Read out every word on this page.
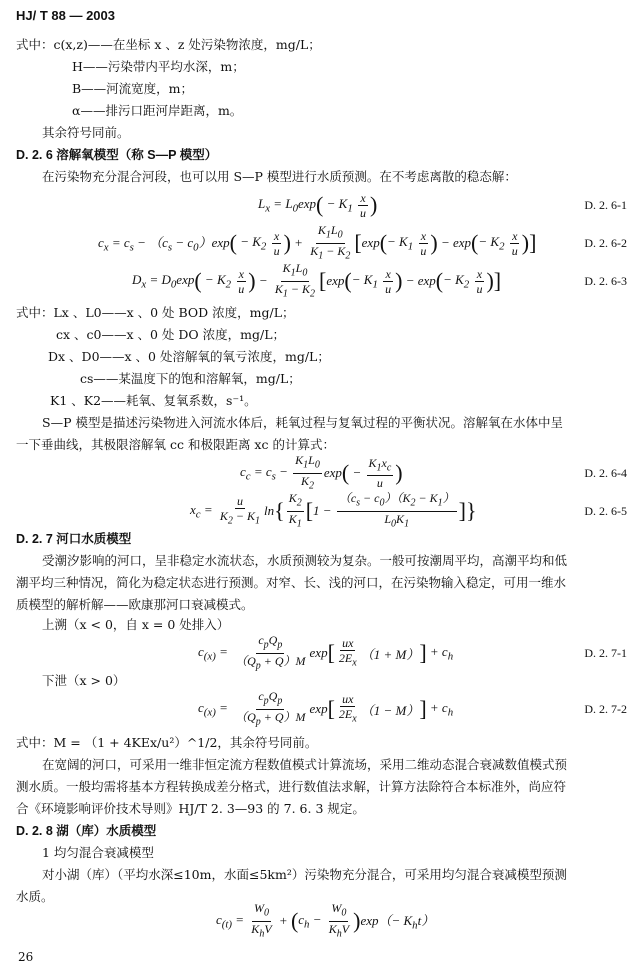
HJ/ T 88 — 2003
式中：c(x,z)——在坐标 x 、z 处污染物浓度，mg/L；
H——污染带内平均水深，m；
B——河流宽度，m；
α——排污口距河岸距离，m。
其余符号同前。
D. 2. 6 溶解氧模型（称 S—P 模型）
在污染物充分混合河段，也可以用 S—P 模型进行水质预测。在不考虑离散的稳态解：
$L_x = L_0\exp$ ( − $K_1 \frac{x}{u}$ )	D. 2. 6-1
$c_x = c_s - (c_s - c_0)\exp$ ( − $K_2 \frac{x}{u}$ ) + $\frac{K_1L_0}{K_1 - K_2}$ [ exp ( − $K_1 \frac{x}{u}$ ) − exp ( − $K_2 \frac{x}{u}$ )]	D. 2. 6-2
$D_x = D_0\exp$ ( − $K_2 \frac{x}{u}$ ) − $\frac{K_1L_0}{K_1 - K_2}$ [ exp ( − $K_1 \frac{x}{u}$ ) − exp ( − $K_2 \frac{x}{u}$ )]	D. 2. 6-3
式中：Lx 、L0——x 、0 处 BOD 浓度，mg/L；
cx 、c0——x 、0 处 DO 浓度，mg/L；
Dx 、D0——x 、0 处溶解氧的氧亏浓度，mg/L；
cs——某温度下的饱和溶解氧，mg/L；
K1 、K2——耗氧、复氧系数，s⁻¹。
S—P 模型是描述污染物进入河流水体后，耗氧过程与复氧过程的平衡状况。溶解氧在水体中呈
一下垂曲线，其极限溶解氧 cc 和极限距离 xc 的计算式：
$c_c = c_s - \frac{K_1L_0}{K_2}$ exp ( − $\frac{K_1x_c}{u}$ )	D. 2. 6-4
$x_c = \frac{u}{K_2 - K_1}$ ln { $\frac{K_2}{K_1}$ [ $1 - \frac{(c_s - c_0)(K_2 - K_1)}{L_0K_1}$ ]}	D. 2. 6-5
D. 2. 7 河口水质模型
受潮汐影响的河口，呈非稳定水流状态，水质预测较为复杂。一般可按潮周平均，高潮平均和低
潮平均三种情况，简化为稳定状态进行预测。对窄、长、浅的河口，在污染物输入稳定，可用一维水
质模型的解析解——欧康那河口衰减模式。
上溯（x < 0，自 x = 0 处排入）
$c_{(x)} = \frac{c_pQ_p}{(Q_p + Q)M}$ exp [ $\frac{ux}{2E_x} (1 + M)$ ] + $c_h$	D. 2. 7-1
下泄（x > 0）
$c_{(x)} = \frac{c_pQ_p}{(Q_p + Q)M}$ exp [ $\frac{ux}{2E_x} (1 - M)$ ] + $c_h$	D. 2. 7-2
式中：M = （1 + 4KEx/u²）^1/2，其余符号同前。
在宽阔的河口，可采用一维非恒定流方程数值模式计算流场，采用二维动态混合衰减数值模式预
测水质。一般均需将基本方程转换成差分格式，进行数值法求解，计算方法除符合本标准外，尚应符
合《环境影响评价技术导则》HJ/T 2. 3—93 的 7. 6. 3 规定。
D. 2. 8 湖（库）水质模型
1 均匀混合衰减模型
对小湖（库）（平均水深≤10m，水面≤5km²）污染物充分混合，可采用均匀混合衰减模型预测
水质。
$c_{(t)} = \frac{W_0}{K_hV}$ + ( $c_h - \frac{W_0}{K_hV}$ ) $\exp(- K_ht)$
26
